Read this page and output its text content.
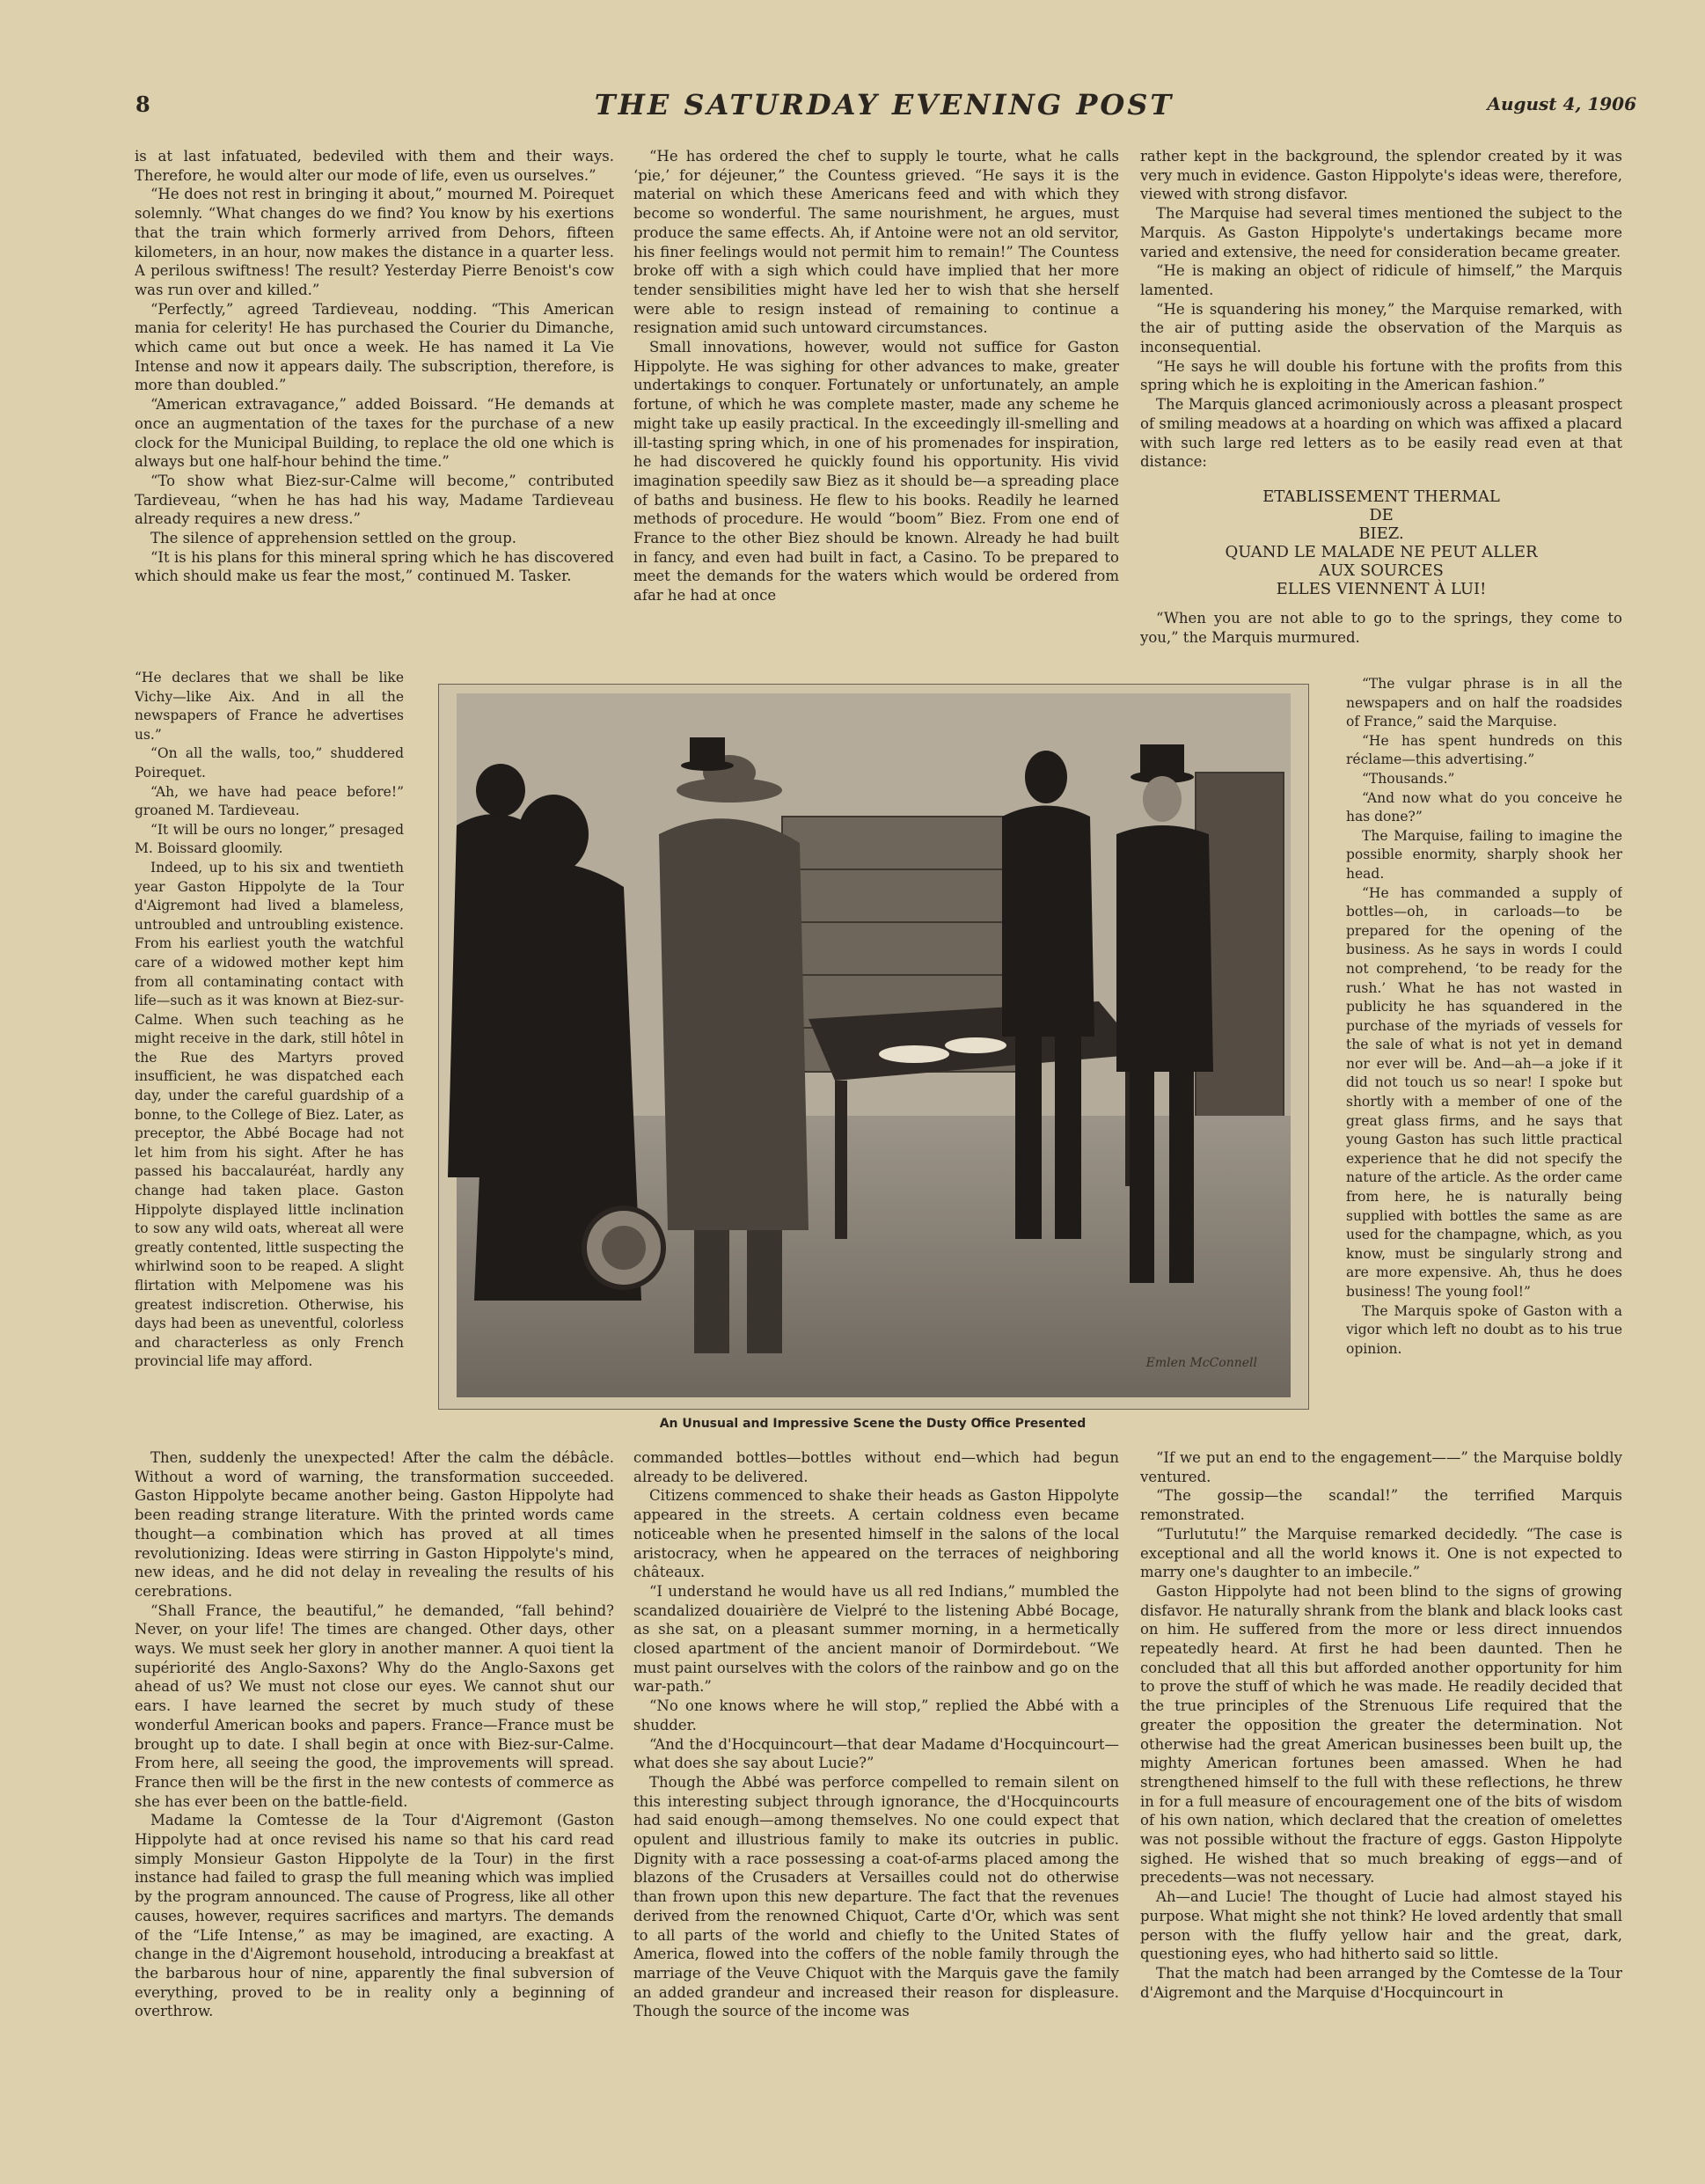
8	THE SATURDAY EVENING POST	August 4, 1906

is at last infatuated, bedeviled with them and their ways. Therefore, he would alter our mode of life, even us ourselves.”

“He does not rest in bringing it about,” mourned M. Poirequet solemnly. “What changes do we find? You know by his exertions that the train which formerly arrived from Dehors, fifteen kilometers, in an hour, now makes the distance in a quarter less. A perilous swiftness! The result? Yesterday Pierre Benoist's cow was run over and killed.”

“Perfectly,” agreed Tardieveau, nodding. “This American mania for celerity! He has purchased the Courier du Dimanche, which came out but once a week. He has named it La Vie Intense and now it appears daily. The subscription, therefore, is more than doubled.”

“American extravagance,” added Boissard. “He demands at once an augmentation of the taxes for the purchase of a new clock for the Municipal Building, to replace the old one which is always but one half-hour behind the time.”

“To show what Biez-sur-Calme will become,” contributed Tardieveau, “when he has had his way, Madame Tardieveau already requires a new dress.”

The silence of apprehension settled on the group.

“It is his plans for this mineral spring which he has discovered which should make us fear the most,” continued M. Tasker.

“He declares that we shall be like Vichy—like Aix. And in all the newspapers of France he advertises us.”

“On all the walls, too,” shuddered Poirequet.

“Ah, we have had peace before!” groaned M. Tardieveau.

“It will be ours no longer,” presaged M. Boissard gloomily.

Indeed, up to his six and twentieth year Gaston Hippolyte de la Tour d'Aigremont had lived a blameless, untroubled and untroubling existence. From his earliest youth the watchful care of a widowed mother kept him from all contaminating contact with life—such as it was known at Biez-sur-Calme. When such teaching as he might receive in the dark, still hôtel in the Rue des Martyrs proved insufficient, he was dispatched each day, under the careful guardship of a bonne, to the College of Biez. Later, as preceptor, the Abbé Bocage had not let him from his sight. After he has passed his baccalauréat, hardly any change had taken place. Gaston Hippolyte displayed little inclination to sow any wild oats, whereat all were greatly contented, little suspecting the whirlwind soon to be reaped. A slight flirtation with Melpomene was his greatest indiscretion. Otherwise, his days had been as uneventful, colorless and characterless as only French provincial life may afford.

Then, suddenly the unexpected! After the calm the débâcle. Without a word of warning, the transformation succeeded. Gaston Hippolyte became another being. Gaston Hippolyte had been reading strange literature. With the printed words came thought—a combination which has proved at all times revolutionizing. Ideas were stirring in Gaston Hippolyte's mind, new ideas, and he did not delay in revealing the results of his cerebrations.

“Shall France, the beautiful,” he demanded, “fall behind? Never, on your life! The times are changed. Other days, other ways. We must seek her glory in another manner. A quoi tient la supériorité des Anglo-Saxons? Why do the Anglo-Saxons get ahead of us? We must not close our eyes. We cannot shut our ears. I have learned the secret by much study of these wonderful American books and papers. France—France must be brought up to date. I shall begin at once with Biez-sur-Calme. From here, all seeing the good, the improvements will spread. France then will be the first in the new contests of commerce as she has ever been on the battle-field.

Madame la Comtesse de la Tour d'Aigremont (Gaston Hippolyte had at once revised his name so that his card read simply Monsieur Gaston Hippolyte de la Tour) in the first instance had failed to grasp the full meaning which was implied by the program announced. The cause of Progress, like all other causes, however, requires sacrifices and martyrs. The demands of the “Life Intense,” as may be imagined, are exacting. A change in the d'Aigremont household, introducing a breakfast at the barbarous hour of nine, apparently the final subversion of everything, proved to be in reality only a beginning of overthrow.

“He has ordered the chef to supply le tourte, what he calls ‘pie,’ for déjeuner,” the Countess grieved. “He says it is the material on which these Americans feed and with which they become so wonderful. The same nourishment, he argues, must produce the same effects. Ah, if Antoine were not an old servitor, his finer feelings would not permit him to remain!” The Countess broke off with a sigh which could have implied that her more tender sensibilities might have led her to wish that she herself were able to resign instead of remaining to continue a resignation amid such untoward circumstances.

Small innovations, however, would not suffice for Gaston Hippolyte. He was sighing for other advances to make, greater undertakings to conquer. Fortunately or unfortunately, an ample fortune, of which he was complete master, made any scheme he might take up easily practical. In the exceedingly ill-smelling and ill-tasting spring which, in one of his promenades for inspiration, he had discovered he quickly found his opportunity. His vivid imagination speedily saw Biez as it should be—a spreading place of baths and business. He flew to his books. Readily he learned methods of procedure. He would “boom” Biez. From one end of France to the other Biez should be known. Already he had built in fancy, and even had built in fact, a Casino. To be prepared to meet the demands for the waters which would be ordered from afar he had at once

commanded bottles—bottles without end—which had begun already to be delivered.

Citizens commenced to shake their heads as Gaston Hippolyte appeared in the streets. A certain coldness even became noticeable when he presented himself in the salons of the local aristocracy, when he appeared on the terraces of neighboring châteaux.

“I understand he would have us all red Indians,” mumbled the scandalized douairière de Vielpré to the listening Abbé Bocage, as she sat, on a pleasant summer morning, in a hermetically closed apartment of the ancient manoir of Dormirdebout. “We must paint ourselves with the colors of the rainbow and go on the war-path.”

“No one knows where he will stop,” replied the Abbé with a shudder.

“And the d'Hocquincourt—that dear Madame d'Hocquincourt—what does she say about Lucie?”

Though the Abbé was perforce compelled to remain silent on this interesting subject through ignorance, the d'Hocquincourts had said enough—among themselves. No one could expect that opulent and illustrious family to make its outcries in public. Dignity with a race possessing a coat-of-arms placed among the blazons of the Crusaders at Versailles could not do otherwise than frown upon this new departure. The fact that the revenues derived from the renowned Chiquot, Carte d'Or, which was sent to all parts of the world and chiefly to the United States of America, flowed into the coffers of the noble family through the marriage of the Veuve Chiquot with the Marquis gave the family an added grandeur and increased their reason for displeasure. Though the source of the income was

rather kept in the background, the splendor created by it was very much in evidence. Gaston Hippolyte's ideas were, therefore, viewed with strong disfavor.

The Marquise had several times mentioned the subject to the Marquis. As Gaston Hippolyte's undertakings became more varied and extensive, the need for consideration became greater.

“He is making an object of ridicule of himself,” the Marquis lamented.

“He is squandering his money,” the Marquise remarked, with the air of putting aside the observation of the Marquis as inconsequential.

“He says he will double his fortune with the profits from this spring which he is exploiting in the American fashion.”

The Marquis glanced acrimoniously across a pleasant prospect of smiling meadows at a hoarding on which was affixed a placard with such large red letters as to be easily read even at that distance:

ETABLISSEMENT THERMAL
DE
BIEZ.
QUAND LE MALADE NE PEUT ALLER
AUX SOURCES
ELLES VIENNENT À LUI!

“When you are not able to go to the springs, they come to you,” the Marquis murmured.

“The vulgar phrase is in all the newspapers and on half the roadsides of France,” said the Marquise.

“He has spent hundreds on this réclame—this advertising.”

“Thousands.”

“And now what do you conceive he has done?”

The Marquise, failing to imagine the possible enormity, sharply shook her head.

“He has commanded a supply of bottles—oh, in carloads—to be prepared for the opening of the business. As he says in words I could not comprehend, ‘to be ready for the rush.’ What he has not wasted in publicity he has squandered in the purchase of the myriads of vessels for the sale of what is not yet in demand nor ever will be. And—ah—a joke if it did not touch us so near! I spoke but shortly with a member of one of the great glass firms, and he says that young Gaston has such little practical experience that he did not specify the nature of the article. As the order came from here, he is naturally being supplied with bottles the same as are used for the champagne, which, as you know, must be singularly strong and are more expensive. Ah, thus he does business! The young fool!”

The Marquis spoke of Gaston with a vigor which left no doubt as to his true opinion.

“If we put an end to the engagement——” the Marquise boldly ventured.

“The gossip—the scandal!” the terrified Marquis remonstrated.

“Turlututu!” the Marquise remarked decidedly. “The case is exceptional and all the world knows it. One is not expected to marry one's daughter to an imbecile.”

Gaston Hippolyte had not been blind to the signs of growing disfavor. He naturally shrank from the blank and black looks cast on him. He suffered from the more or less direct innuendos repeatedly heard. At first he had been daunted. Then he concluded that all this but afforded another opportunity for him to prove the stuff of which he was made. He readily decided that the true principles of the Strenuous Life required that the greater the opposition the greater the determination. Not otherwise had the great American businesses been built up, the mighty American fortunes been amassed. When he had strengthened himself to the full with these reflections, he threw in for a full measure of encouragement one of the bits of wisdom of his own nation, which declared that the creation of omelettes was not possible without the fracture of eggs. Gaston Hippolyte sighed. He wished that so much breaking of eggs—and of precedents—was not necessary.

Ah—and Lucie! The thought of Lucie had almost stayed his purpose. What might she not think? He loved ardently that small person with the fluffy yellow hair and the great, dark, questioning eyes, who had hitherto said so little.

That the match had been arranged by the Comtesse de la Tour d'Aigremont and the Marquise d'Hocquincourt in

Emlen McConnell
An Unusual and Impressive Scene the Dusty Office Presented
